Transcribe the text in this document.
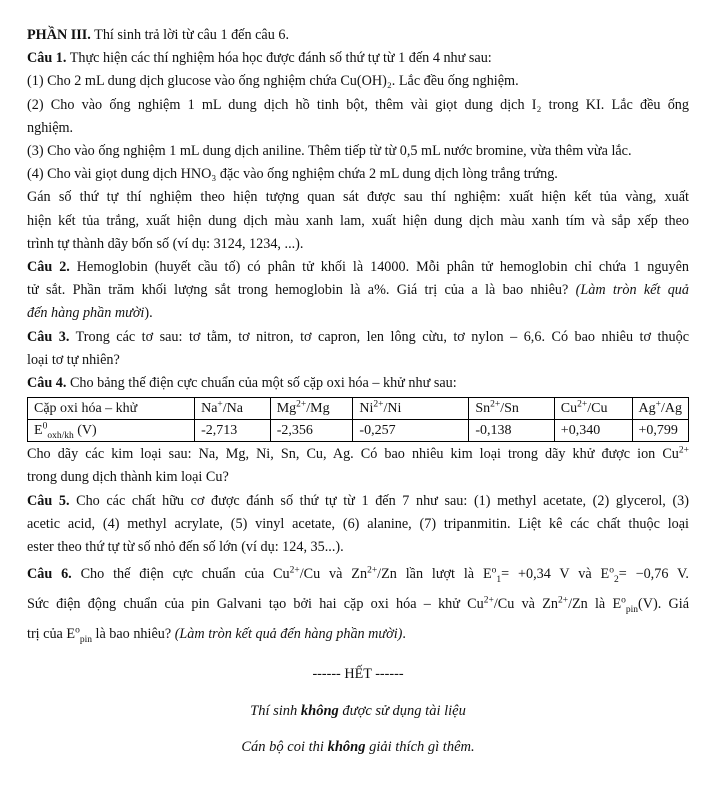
PHẦN III. Thí sinh trả lời từ câu 1 đến câu 6.

Câu 1. Thực hiện các thí nghiệm hóa học được đánh số thứ tự từ 1 đến 4 như sau:

(1) Cho 2 mL dung dịch glucose vào ống nghiệm chứa Cu(OH)₂. Lắc đều ống nghiệm.

(2) Cho vào ống nghiệm 1 mL dung dịch hồ tinh bột, thêm vài giọt dung dịch I₂ trong KI. Lắc đều ống

nghiệm.

(3) Cho vào ống nghiệm 1 mL dung dịch aniline. Thêm tiếp từ từ 0,5 mL nước bromine, vừa thêm vừa lắc.

(4) Cho vài giọt dung dịch HNO₃ đặc vào ống nghiệm chứa 2 mL dung dịch lòng trắng trứng.

Gán số thứ tự thí nghiệm theo hiện tượng quan sát được sau thí nghiệm: xuất hiện kết tủa vàng, xuất

hiện kết tủa trắng, xuất hiện dung dịch màu xanh lam, xuất hiện dung dịch màu xanh tím và sắp xếp theo

trình tự thành dãy bốn số (ví dụ: 3124, 1234, ...).

Câu 2. Hemoglobin (huyết cầu tố) có phân tử khối là 14000. Mỗi phân tử hemoglobin chỉ chứa 1 nguyên

tử sắt. Phần trăm khối lượng sắt trong hemoglobin là a%. Giá trị của a là bao nhiêu? (Làm tròn kết quả

đến hàng phần mười).

Câu 3. Trong các tơ sau: tơ tằm, tơ nitron, tơ capron, len lông cừu, tơ nylon – 6,6. Có bao nhiêu tơ thuộc

loại tơ tự nhiên?

Câu 4. Cho bảng thế điện cực chuẩn của một số cặp oxi hóa – khử như sau:

Cặp oxi hóa – khử	Na+/Na	$Mg^{2+}/Mg$	$Ni^{2+}/Ni$	$Sn^{2+}/Sn$	$Cu^{2+}/Cu$	Ag+/Ag
$E^0_{oxh/kh}$ (V)	-2,713	-2,356	-0,257	-0,138	+0,340	+0,799

Cho dãy các kim loại sau: Na, Mg, Ni, Sn, Cu, Ag. Có bao nhiêu kim loại trong dãy khử được ion $Cu^{2+}$

trong dung dịch thành kim loại Cu?

Câu 5. Cho các chất hữu cơ được đánh số thứ tự từ 1 đến 7 như sau: (1) methyl acetate, (2) glycerol, (3)

acetic acid, (4) methyl acrylate, (5) vinyl acetate, (6) alanine, (7) tripanmitin. Liệt kê các chất thuộc loại

ester theo thứ tự từ số nhỏ đến số lớn (ví dụ: 124, 35...).

Câu 6. Cho thế điện cực chuẩn của $Cu^{2+}/Cu$ và $Zn^{2+}/Zn$ lần lượt là $E^o_1= +0,34$ V và $E^o_2= -0,76$ V.

Sức điện động chuẩn của pin Galvani tạo bởi hai cặp oxi hóa – khử $Cu^{2+}/Cu$ và $Zn^{2+}/Zn$ là $E^o_{pin}(V)$. Giá

trị của $E^o_{pin}$ là bao nhiêu? (Làm tròn kết quả đến hàng phần mười).

------ HẾT ------

Thí sinh không được sử dụng tài liệu

Cán bộ coi thi không giải thích gì thêm.
